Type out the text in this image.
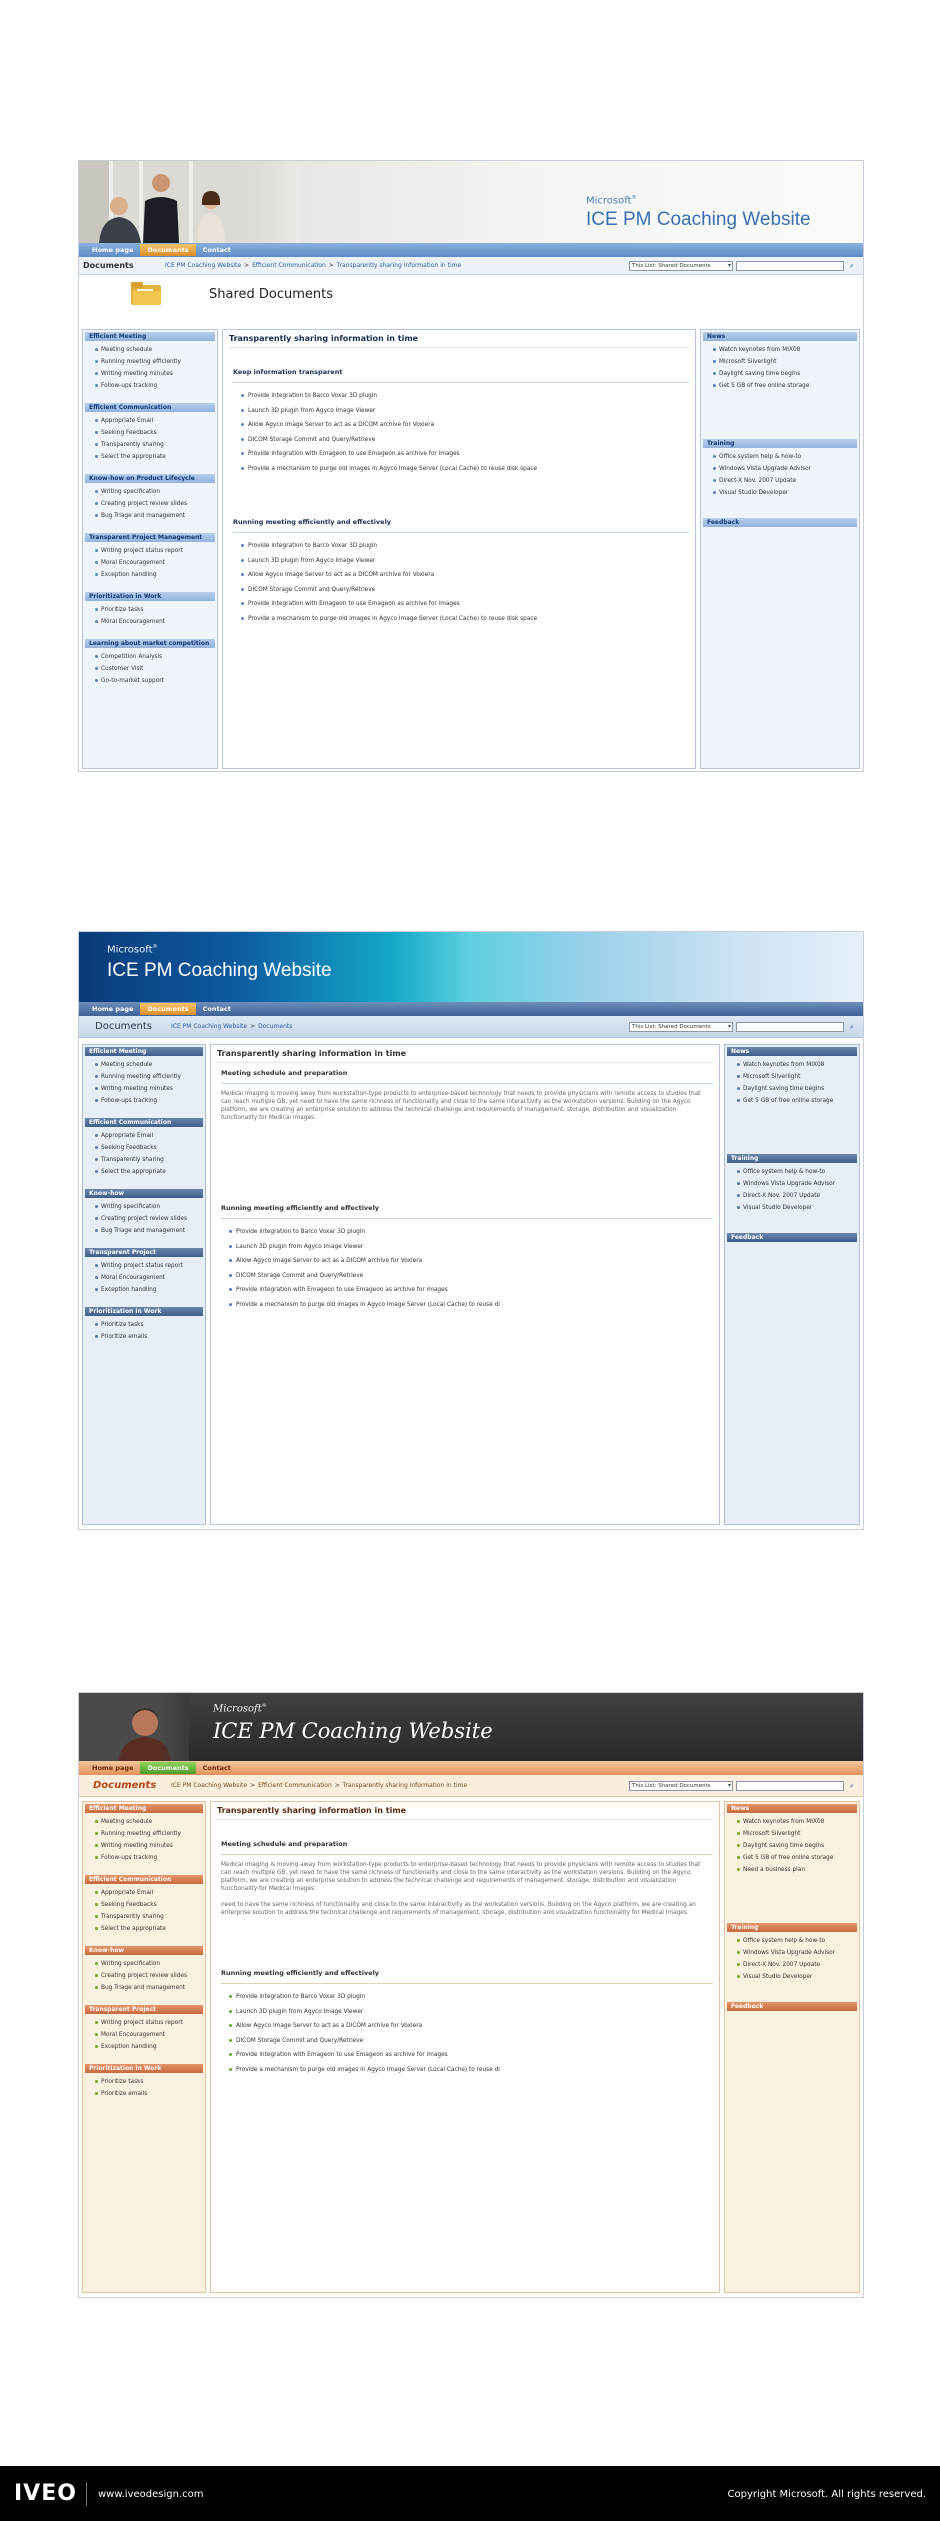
Microsoft®
ICE PM Coaching Website
Home page	Documents	Contact
Documents	ICE PM Coaching Website > Efficient Communication > Transparently sharing information in time	This List: Shared Documents	▾	⌕
Shared Documents
Efficient Meeting
Meeting schedule
Running meeting efficiently
Writing meeting minutes
Follow-ups tracking
Efficient Communication
Appropriate Email
Seeking Feedbacks
Transparently sharing
Select the appropriate
Know-how on Product Lifecycle
Writing specification
Creating project review slides
Bug Triage and management
Transparent Project Management
Writing project status report
Moral Encouragement
Exception handling
Prioritization in Work
Prioritize tasks
Moral Encouragement
Learning about market competition
Competition Analysis
Customer Visit
Go-to-market support
Transparently sharing information in time
Keep information transparent
Provide integration to Barco Voxar 3D plugin
Launch 3D plugin from Agyco Image Viewer
Allow Agyco Image Server to act as a DICOM archive for Voxlera
DICOM Storage Commit and Query/Retrieve
Provide integration with Emageon to use Emageon as archive for images
Provide a mechanism to purge old images in Agyco Image Server (Local Cache) to reuse disk space
Running meeting efficiently and effectively
Provide integration to Barco Voxar 3D plugin
Launch 3D plugin from Agyco Image Viewer
Allow Agyco Image Server to act as a DICOM archive for Voxlera
DICOM Storage Commit and Query/Retrieve
Provide integration with Emageon to use Emageon as archive for images
Provide a mechanism to purge old images in Agyco Image Server (Local Cache) to reuse disk space
News
Watch keynotes from MIX08
Microsoft Silverlight
Daylight saving time begins
Get 5 GB of free online storage
Training
Office system help & how-to
Windows Vista Upgrade Advisor
Direct-X Nov. 2007 Update
Visual Studio Developer
Feedback
Microsoft®
ICE PM Coaching Website
Home page	Documents	Contact
Documents	ICE PM Coaching Website > Documents	This List: Shared Documents	▾	⌕
Efficient Meeting
Meeting schedule
Running meeting efficiently
Writing meeting minutes
Follow-ups tracking
Efficient Communication
Appropriate Email
Seeking Feedbacks
Transparently sharing
Select the appropriate
Know-how
Writing specification
Creating project review slides
Bug Triage and management
Transparent Project
Writing project status report
Moral Encouragement
Exception handling
Prioritization in Work
Prioritize tasks
Prioritize emails
Transparently sharing information in time
Meeting schedule and preparation
Medical imaging is moving away from workstation-type products to enterprise-based technology that needs to provide physicians with remote access to studies that can reach multiple GB, yet need to have the same richness of functionality and close to the same interactivity as the workstation versions. Building on the Agyco platform, we are creating an enterprise solution to address the technical challenge and requirements of management, storage, distribution and visualization functionality for Medical Images.
Running meeting efficiently and effectively
Provide integration to Barco Voxar 3D plugin
Launch 3D plugin from Agyco Image Viewer
Allow Agyco Image Server to act as a DICOM archive for Voxlera
DICOM Storage Commit and Query/Retrieve
Provide integration with Emageon to use Emageon as archive for images
Provide a mechanism to purge old images in Agyco Image Server (Local Cache) to reuse di
News
Watch keynotes from MIX08
Microsoft Silverlight
Daylight saving time begins
Get 5 GB of free online storage
Training
Office system help & how-to
Windows Vista Upgrade Advisor
Direct-X Nov. 2007 Update
Visual Studio Developer
Feedback
Microsoft®
ICE PM Coaching Website
Home page	Documents	Contact
Documents	ICE PM Coaching Website > Efficient Communication > Transparently sharing information in time	This List: Shared Documents	▾	⌕
Efficient Meeting
Meeting schedule
Running meeting efficiently
Writing meeting minutes
Follow-ups tracking
Efficient Communication
Appropriate Email
Seeking Feedbacks
Transparently sharing
Select the appropriate
Know-how
Writing specification
Creating project review slides
Bug Triage and management
Transparent Project
Writing project status report
Moral Encouragement
Exception handling
Prioritization in Work
Prioritize tasks
Prioritize emails
Transparently sharing information in time
Meeting schedule and preparation
Medical imaging is moving away from workstation-type products to enterprise-based technology that needs to provide physicians with remote access to studies that can reach multiple GB, yet need to have the same richness of functionality and close to the same interactivity as the workstation versions. Building on the Agyco platform, we are creating an enterprise solution to address the technical challenge and requirements of management, storage, distribution and visualization functionality for Medical Images.
need to have the same richness of functionality and close to the same interactivity as the workstation versions. Building on the Agyco platform, we are creating an enterprise solution to address the technical challenge and requirements of management, storage, distribution and visualization functionality for Medical Images.
Running meeting efficiently and effectively
Provide integration to Barco Voxar 3D plugin
Launch 3D plugin from Agyco Image Viewer
Allow Agyco Image Server to act as a DICOM archive for Voxlera
DICOM Storage Commit and Query/Retrieve
Provide integration with Emageon to use Emageon as archive for images
Provide a mechanism to purge old images in Agyco Image Server (Local Cache) to reuse di
News
Watch keynotes from MIX08
Microsoft Silverlight
Daylight saving time begins
Get 5 GB of free online storage
Need a business plan
Training
Office system help & how-to
Windows Vista Upgrade Advisor
Direct-X Nov. 2007 Update
Visual Studio Developer
Feedback
IVEO www.iveodesign.com	Copyright Microsoft. All rights reserved.
